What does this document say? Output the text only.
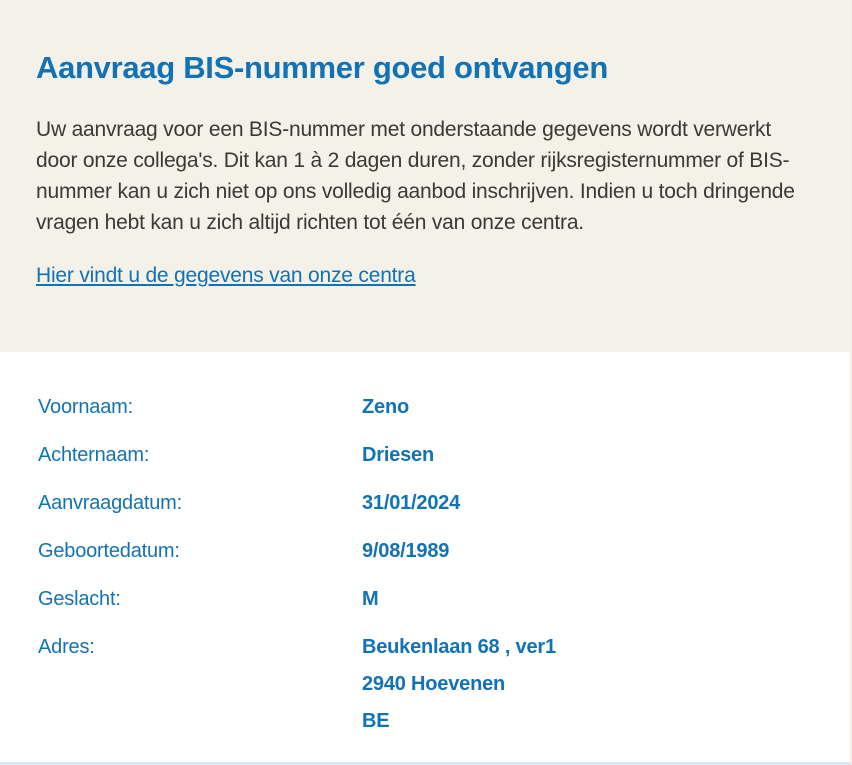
Aanvraag BIS-nummer goed ontvangen

Uw aanvraag voor een BIS-nummer met onderstaande gegevens wordt verwerkt door onze collega's. Dit kan 1 à 2 dagen duren, zonder rijksregisternummer of BIS-nummer kan u zich niet op ons volledig aanbod inschrijven. Indien u toch dringende vragen hebt kan u zich altijd richten tot één van onze centra.

Hier vindt u de gegevens van onze centra
Voornaam:	Zeno
Achternaam:	Driesen
Aanvraagdatum:	31/01/2024
Geboortedatum:	9/08/1989
Geslacht:	M
Adres:	Beukenlaan 68 , ver1
2940 Hoevenen
BE
